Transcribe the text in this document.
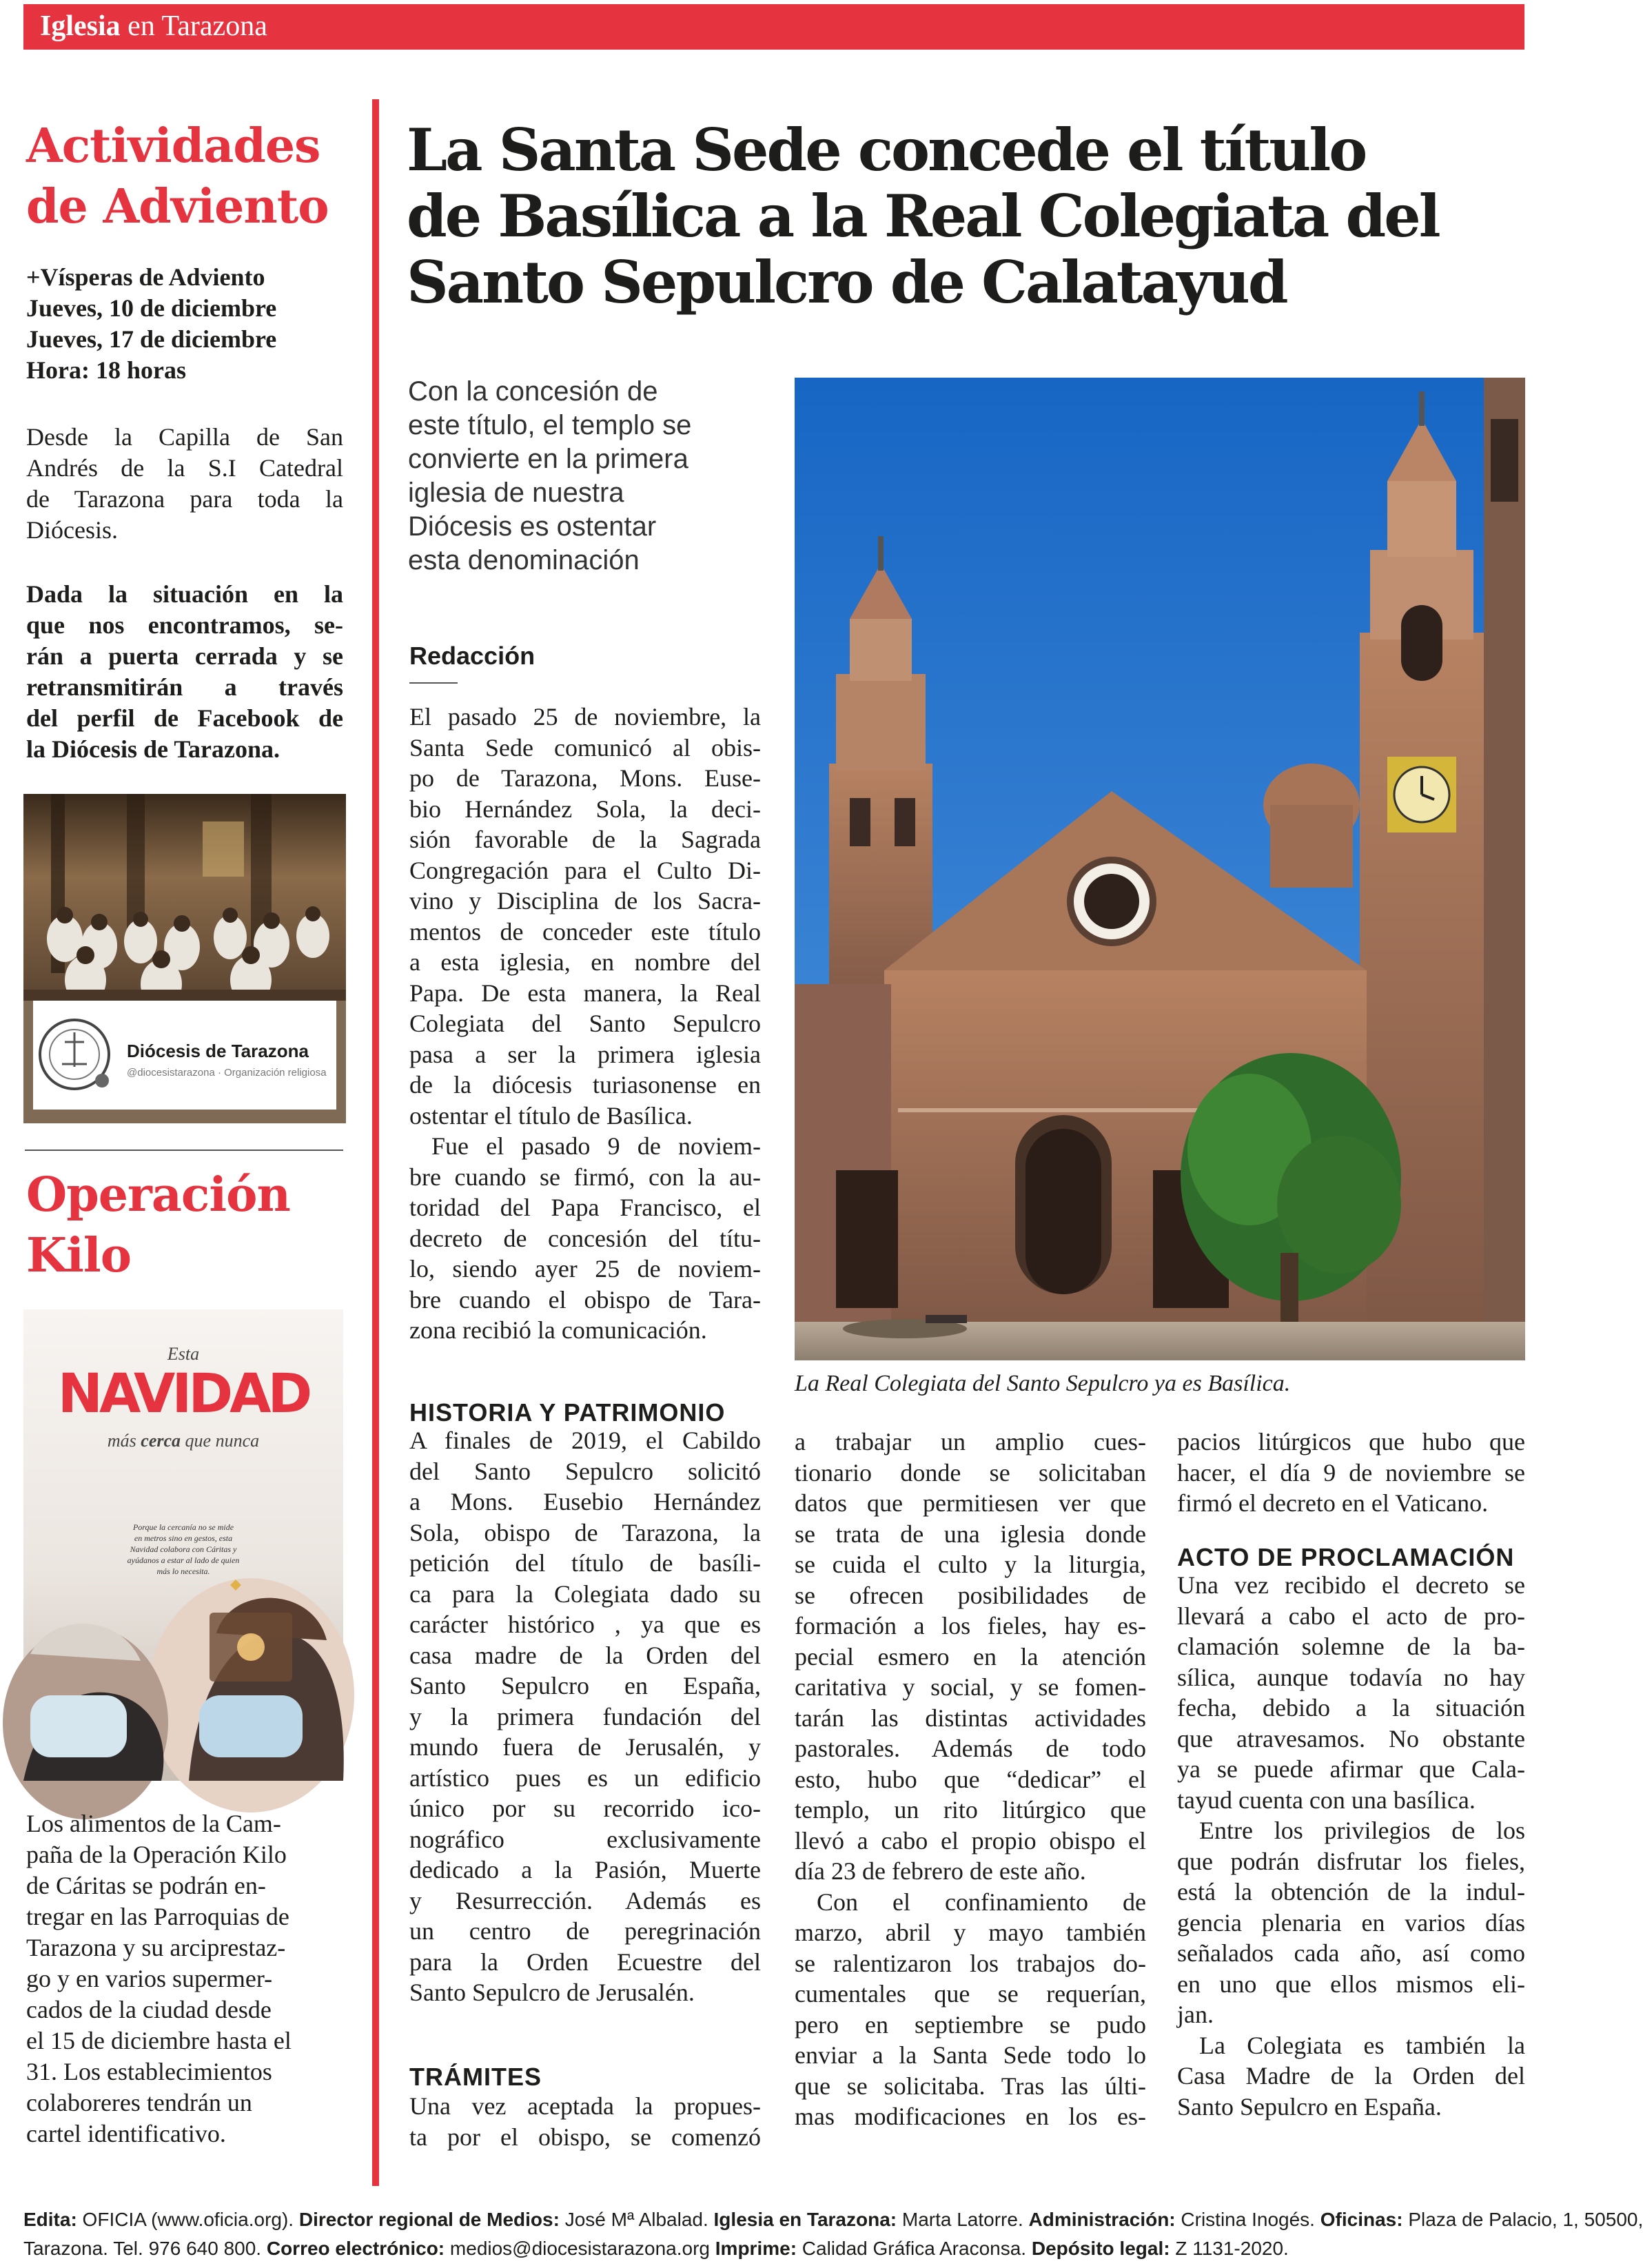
Iglesia en Tarazona
Actividades
de Adviento
+Vísperas de Adviento
Jueves, 10 de diciembre
Jueves, 17 de diciembre
Hora: 18 horas
Desde la Capilla de San
Andrés de la S.I Catedral
de Tarazona para toda la
Diócesis.
Dada la situación en la
que nos encontramos, se-
rán a puerta cerrada y se
retransmitirán a través
del perfil de Facebook de
la Diócesis de Tarazona.
Diócesis de Tarazona
@diocesistarazona · Organización religiosa
Operación
Kilo
Esta
NAVIDAD
más cerca que nunca
Porque la cercanía no se mide
en metros sino en gestos, esta
Navidad colabora con Cáritas y
ayúdanos a estar al lado de quien
más lo necesita.
Los alimentos de la Cam-
paña de la Operación Kilo
de Cáritas se podrán en-
tregar en las Parroquias de
Tarazona y su arciprestaz-
go y en varios supermer-
cados de la ciudad desde
el 15 de diciembre hasta el
31. Los establecimientos
colaboreres tendrán un
cartel identificativo.
La Santa Sede concede el título
de Basílica a la Real Colegiata del
Santo Sepulcro de Calatayud
Con la concesión de
este título, el templo se
convierte en la primera
iglesia de nuestra
Diócesis es ostentar
esta denominación
Redacción
El pasado 25 de noviembre, la
Santa Sede comunicó al obis-
po de Tarazona, Mons. Euse-
bio Hernández Sola, la deci-
sión favorable de la Sagrada
Congregación para el Culto Di-
vino y Disciplina de los Sacra-
mentos de conceder este título
a esta iglesia, en nombre del
Papa. De esta manera, la Real
Colegiata del Santo Sepulcro
pasa a ser la primera iglesia
de la diócesis turiasonense en
ostentar el título de Basílica.
Fue el pasado 9 de noviem-
bre cuando se firmó, con la au-
toridad del Papa Francisco, el
decreto de concesión del títu-
lo, siendo ayer 25 de noviem-
bre cuando el obispo de Tara-
zona recibió la comunicación.
La Real Colegiata del Santo Sepulcro ya es Basílica.
HISTORIA Y PATRIMONIO
A finales de 2019, el Cabildo
del Santo Sepulcro solicitó
a Mons. Eusebio Hernández
Sola, obispo de Tarazona, la
petición del título de basíli-
ca para la Colegiata dado su
carácter histórico , ya que es
casa madre de la Orden del
Santo Sepulcro en España,
y la primera fundación del
mundo fuera de Jerusalén, y
artístico pues es un edificio
único por su recorrido ico-
nográfico exclusivamente
dedicado a la Pasión, Muerte
y Resurrección. Además es
un centro de peregrinación
para la Orden Ecuestre del
Santo Sepulcro de Jerusalén.
TRÁMITES
Una vez aceptada la propues-
ta por el obispo, se comenzó
a trabajar un amplio cues-
tionario donde se solicitaban
datos que permitiesen ver que
se trata de una iglesia donde
se cuida el culto y la liturgia,
se ofrecen posibilidades de
formación a los fieles, hay es-
pecial esmero en la atención
caritativa y social, y se fomen-
tarán las distintas actividades
pastorales. Además de todo
esto, hubo que “dedicar” el
templo, un rito litúrgico que
llevó a cabo el propio obispo el
día 23 de febrero de este año.
Con el confinamiento de
marzo, abril y mayo también
se ralentizaron los trabajos do-
cumentales que se requerían,
pero en septiembre se pudo
enviar a la Santa Sede todo lo
que se solicitaba. Tras las últi-
mas modificaciones en los es-
pacios litúrgicos que hubo que
hacer, el día 9 de noviembre se
firmó el decreto en el Vaticano.
ACTO DE PROCLAMACIÓN
Una vez recibido el decreto se
llevará a cabo el acto de pro-
clamación solemne de la ba-
sílica, aunque todavía no hay
fecha, debido a la situación
que atravesamos. No obstante
ya se puede afirmar que Cala-
tayud cuenta con una basílica.
Entre los privilegios de los
que podrán disfrutar los fieles,
está la obtención de la indul-
gencia plenaria en varios días
señalados cada año, así como
en uno que ellos mismos eli-
jan.
La Colegiata es también la
Casa Madre de la Orden del
Santo Sepulcro en España.
Edita: OFICIA (www.oficia.org). Director regional de Medios: José Mª Albalad. Iglesia en Tarazona: Marta Latorre. Administración: Cristina Inogés. Oficinas: Plaza de Palacio, 1, 50500,
Tarazona. Tel. 976 640 800. Correo electrónico: medios@diocesistarazona.org Imprime: Calidad Gráfica Araconsa. Depósito legal: Z 1131-2020.
